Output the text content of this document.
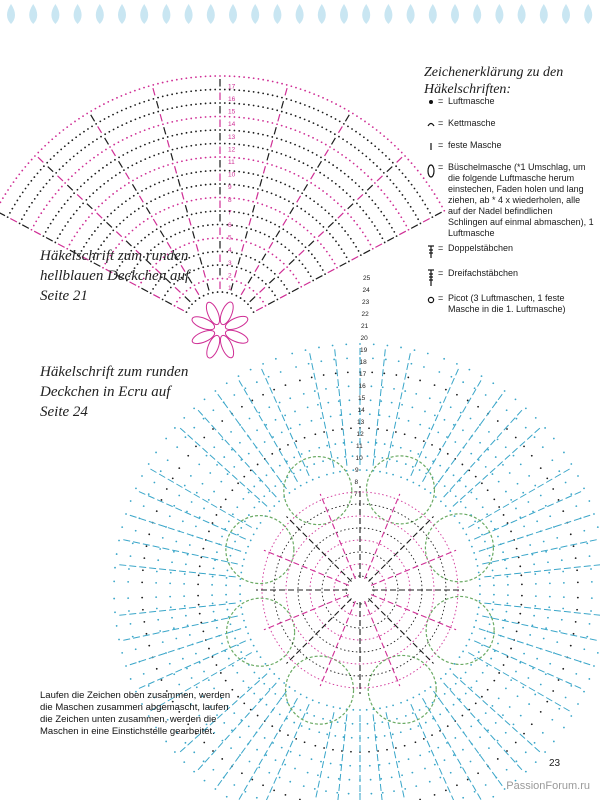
1
2
3
4
5
6
7
8
9
10
11
12
13
14
15
16
17
7
8
9
10
11
12
13
14
15
16
17
18
19
20
21
22
23
24
25
Zeichenerklärung zu den Häkelschriften:
= Luftmasche
= Kettmasche
= feste Masche
= Büschelmasche (*1 Umschlag, um die folgende Luftmasche herum einstechen, Faden holen und lang ziehen, ab * 4 x wiederholen, alle auf der Nadel befindlichen Schlingen auf einmal abmaschen), 1 Luftmasche
= Doppelstäbchen
= Dreifachstäbchen
= Picot (3 Luftmaschen, 1 feste Masche in die 1. Luftmasche)
Häkelschrift zum runden hellblauen Deckchen auf Seite 21
Häkelschrift zum runden Deckchen in Ecru auf Seite 24
Laufen die Zeichen oben zusammen, werden die Maschen zusammen abgemascht, laufen die Zeichen unten zusammen, werden die Maschen in eine Einstichstelle gearbeitet.
23
PassionForum.ru
